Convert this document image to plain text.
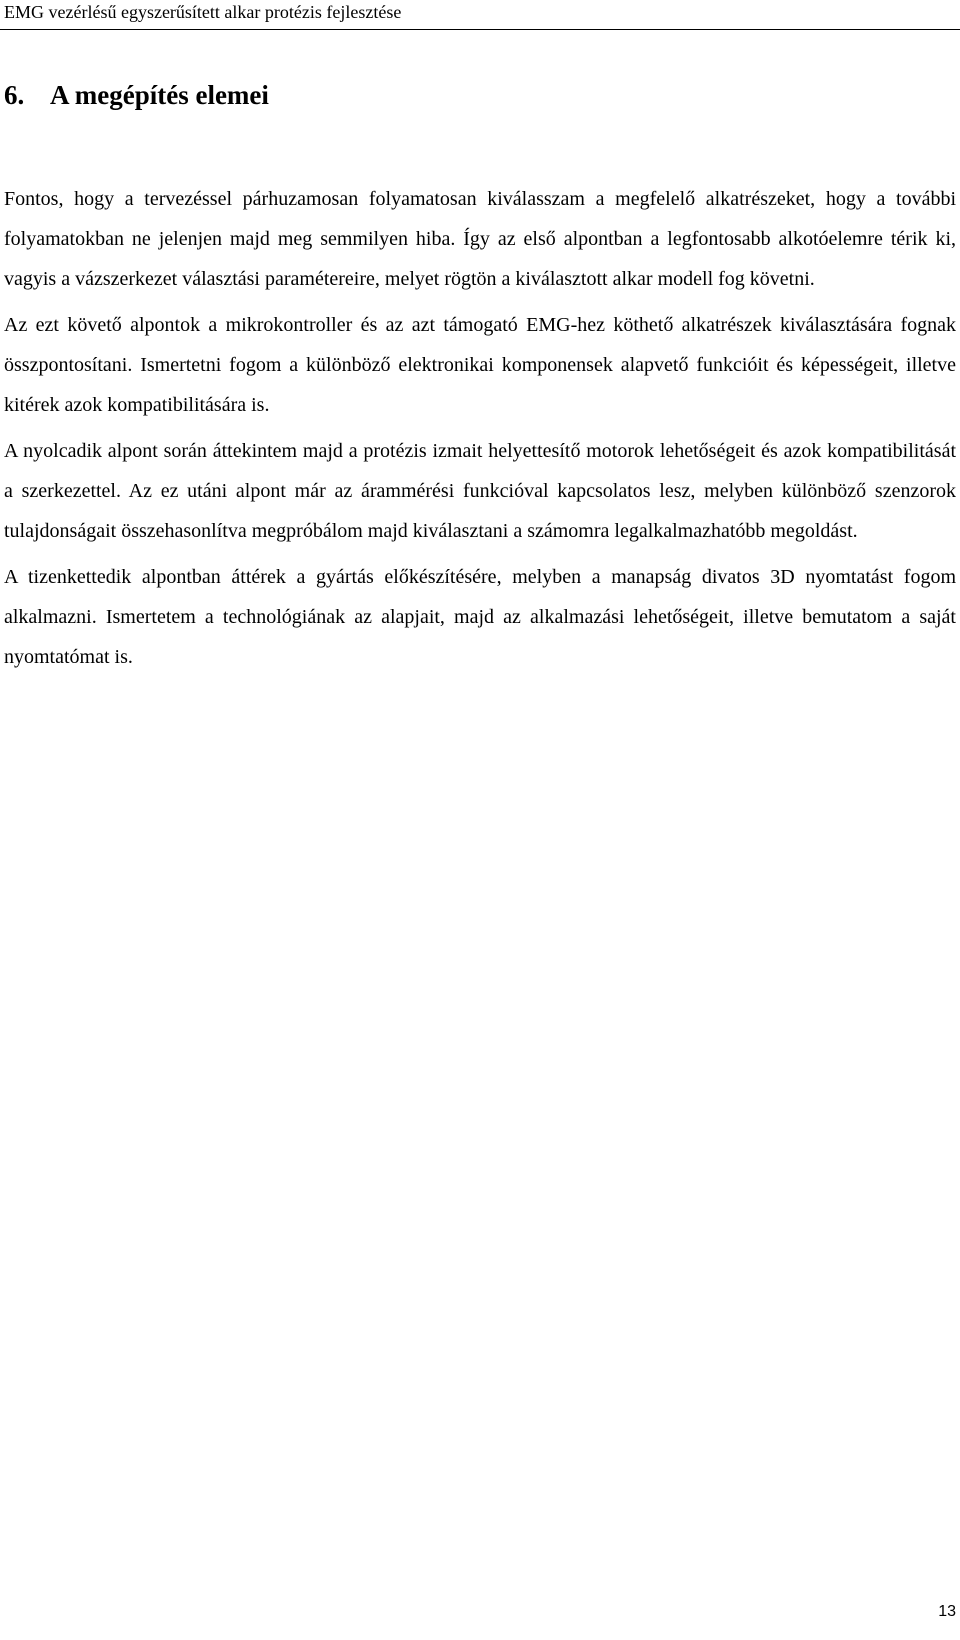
EMG vezérlésű egyszerűsített alkar protézis fejlesztése
6. A megépítés elemei

Fontos, hogy a tervezéssel párhuzamosan folyamatosan kiválasszam a megfelelő alkatrészeket, hogy a további folyamatokban ne jelenjen majd meg semmilyen hiba. Így az első alpontban a legfontosabb alkotóelemre térik ki, vagyis a vázszerkezet választási paramétereire, melyet rögtön a kiválasztott alkar modell fog követni.

Az ezt követő alpontok a mikrokontroller és az azt támogató EMG-hez köthető alkatrészek kiválasztására fognak összpontosítani. Ismertetni fogom a különböző elektronikai komponensek alapvető funkcióit és képességeit, illetve kitérek azok kompatibilitására is.

A nyolcadik alpont során áttekintem majd a protézis izmait helyettesítő motorok lehetőségeit és azok kompatibilitását a szerkezettel. Az ez utáni alpont már az árammérési funkcióval kapcsolatos lesz, melyben különböző szenzorok tulajdonságait összehasonlítva megpróbálom majd kiválasztani a számomra legalkalmazhatóbb megoldást.

A tizenkettedik alpontban áttérek a gyártás előkészítésére, melyben a manapság divatos 3D nyomtatást fogom alkalmazni. Ismertetem a technológiának az alapjait, majd az alkalmazási lehetőségeit, illetve bemutatom a saját nyomtatómat is.

13
